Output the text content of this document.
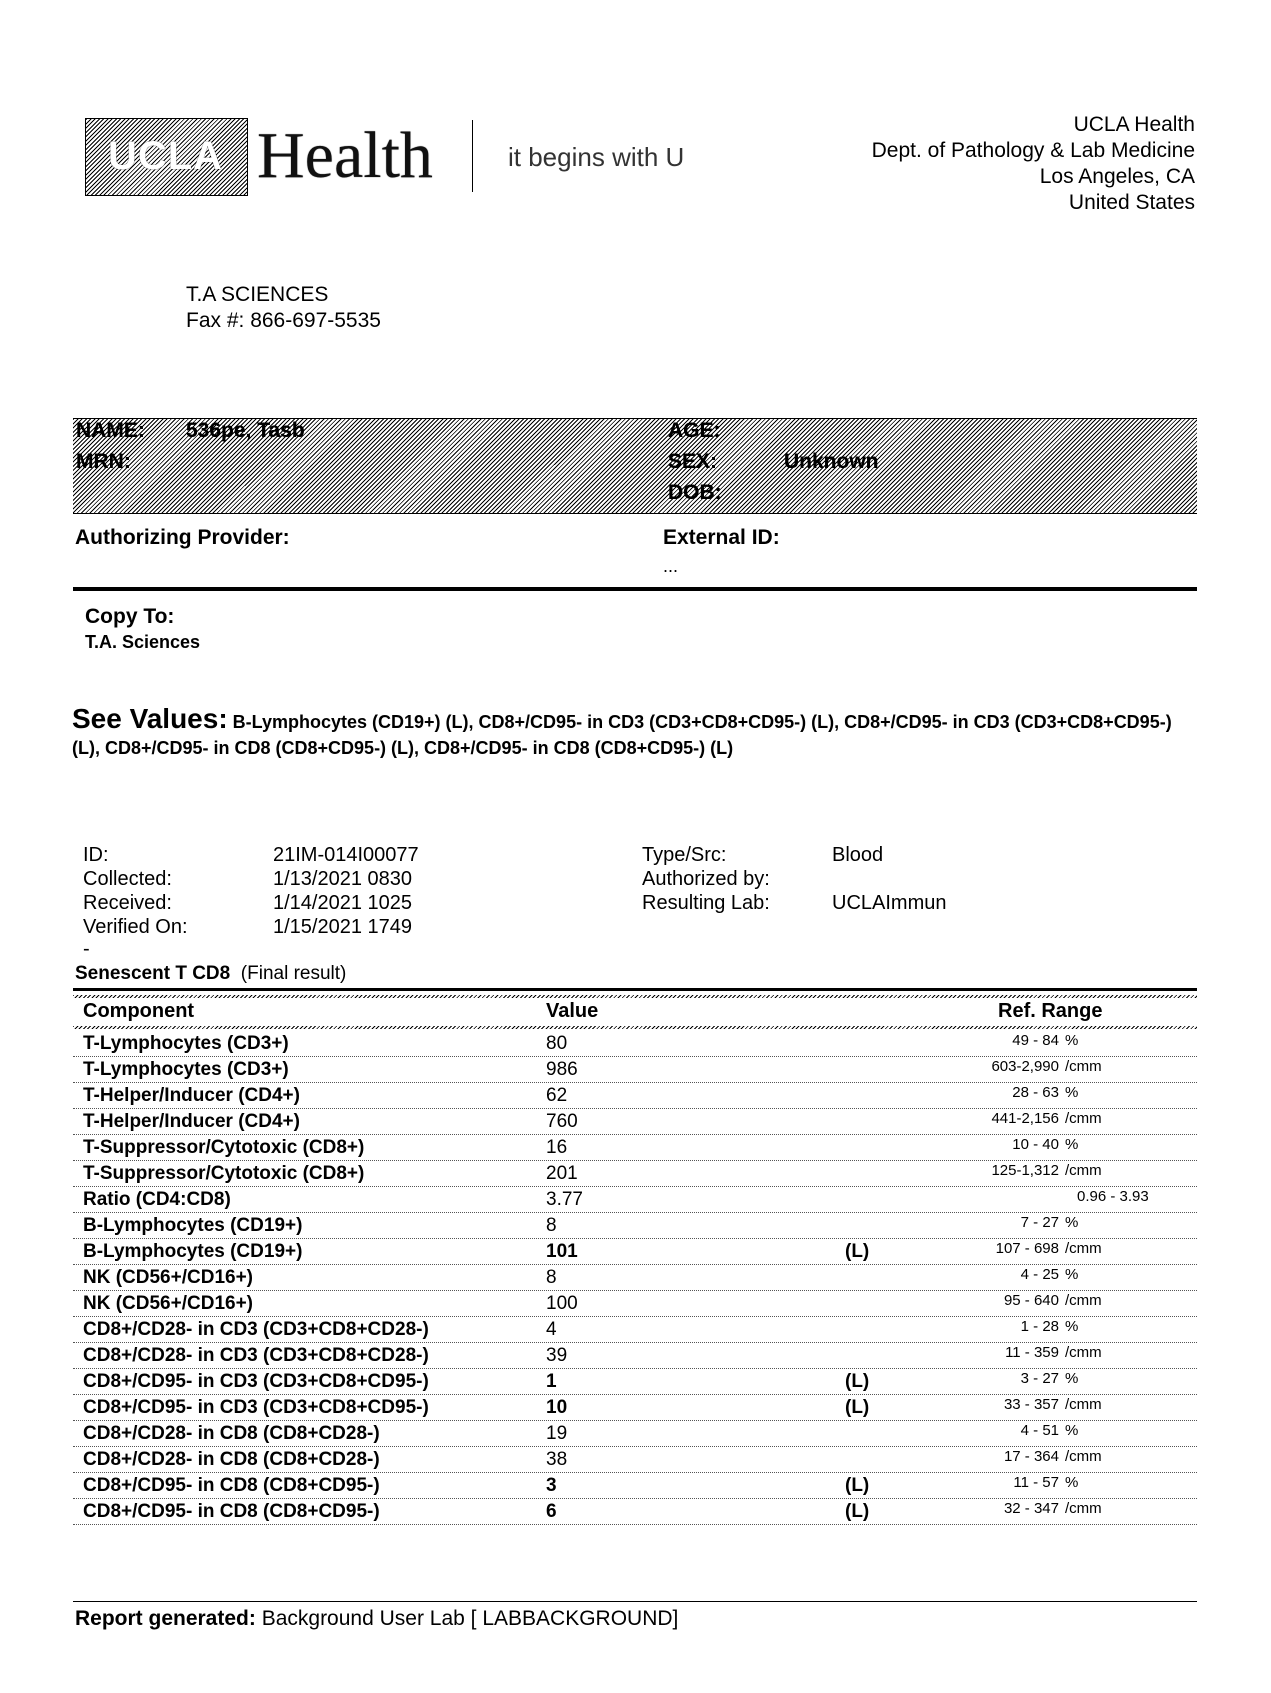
UCLA Health	it begins with U
UCLA Health
Dept. of Pathology & Lab Medicine
Los Angeles, CA
United States
T.A SCIENCES
Fax #: 866-697-5535
NAME: 536pe, Tasb
MRN:
AGE:
SEX:	Unknown
DOB:
Authorizing Provider:	External ID:
...
Copy To:
T.A. Sciences
See Values: B-Lymphocytes (CD19+) (L), CD8+/CD95- in CD3 (CD3+CD8+CD95-) (L), CD8+/CD95- in CD3 (CD3+CD8+CD95-) (L), CD8+/CD95- in CD8 (CD8+CD95-) (L), CD8+/CD95- in CD8 (CD8+CD95-) (L)
ID:	21IM-014I00077
Collected:	1/13/2021 0830
Received:	1/14/2021 1025
Verified On:	1/15/2021 1749
-
Type/Src:	Blood
Authorized by:
Resulting Lab:	UCLAImmun
Senescent T CD8 (Final result)
Component	Value	Ref. Range
T-Lymphocytes (CD3+)	80	49 - 84 %
T-Lymphocytes (CD3+)	986	603-2,990 /cmm
T-Helper/Inducer (CD4+)	62	28 - 63 %
T-Helper/Inducer (CD4+)	760	441-2,156 /cmm
T-Suppressor/Cytotoxic (CD8+)	16	10 - 40 %
T-Suppressor/Cytotoxic (CD8+)	201	125-1,312 /cmm
Ratio (CD4:CD8)	3.77	0.96 - 3.93
B-Lymphocytes (CD19+)	8	7 - 27 %
B-Lymphocytes (CD19+)	101	(L)	107 - 698 /cmm
NK (CD56+/CD16+)	8	4 - 25 %
NK (CD56+/CD16+)	100	95 - 640 /cmm
CD8+/CD28- in CD3 (CD3+CD8+CD28-)	4	1 - 28 %
CD8+/CD28- in CD3 (CD3+CD8+CD28-)	39	11 - 359 /cmm
CD8+/CD95- in CD3 (CD3+CD8+CD95-)	1	(L)	3 - 27 %
CD8+/CD95- in CD3 (CD3+CD8+CD95-)	10	(L)	33 - 357 /cmm
CD8+/CD28- in CD8 (CD8+CD28-)	19	4 - 51 %
CD8+/CD28- in CD8 (CD8+CD28-)	38	17 - 364 /cmm
CD8+/CD95- in CD8 (CD8+CD95-)	3	(L)	11 - 57 %
CD8+/CD95- in CD8 (CD8+CD95-)	6	(L)	32 - 347 /cmm
Report generated: Background User Lab [ LABBACKGROUND]
